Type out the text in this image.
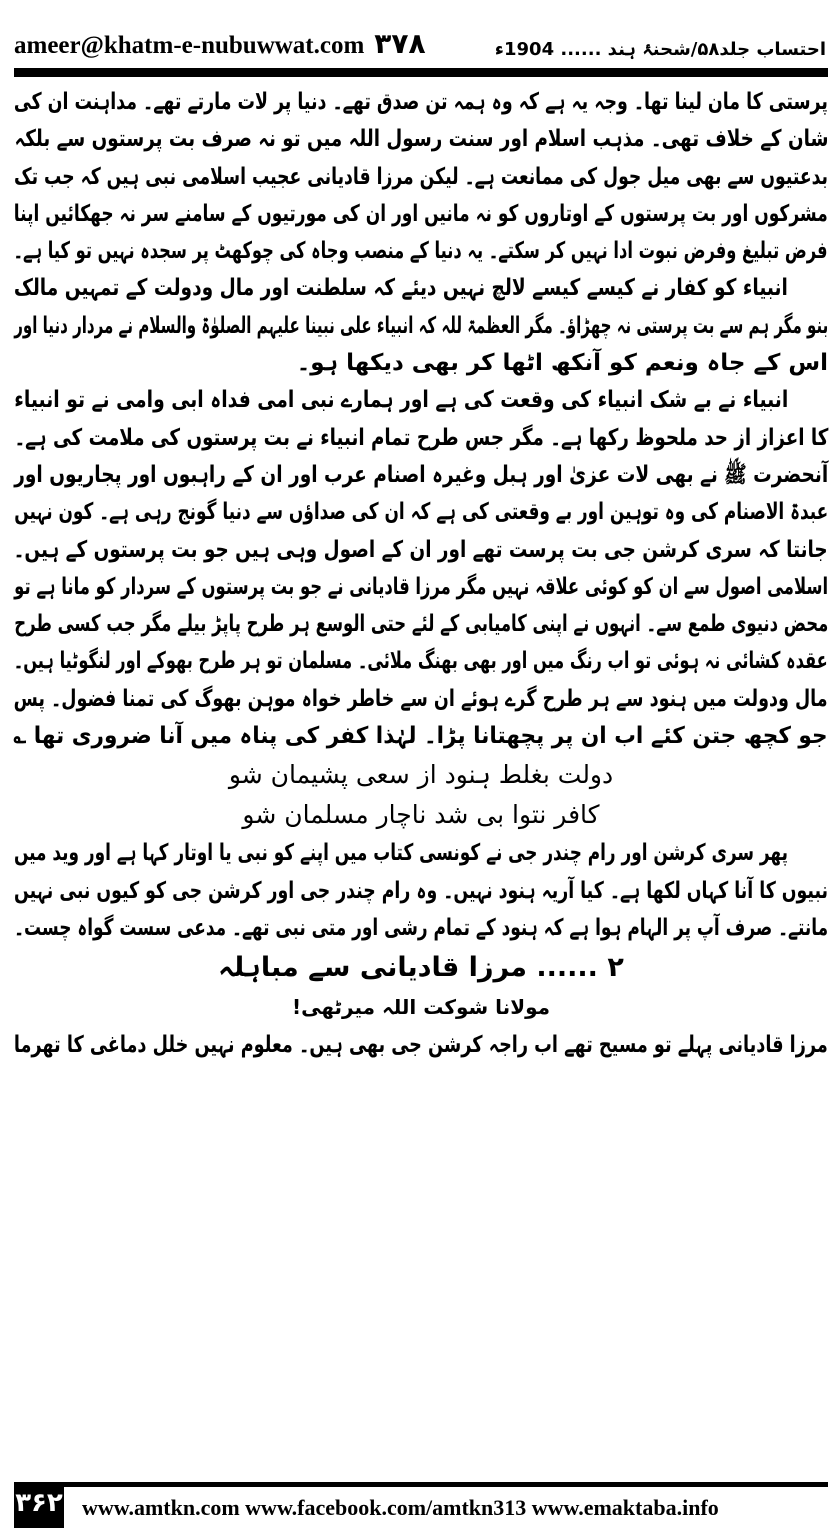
ameer@khatm-e-nubuwwat.com ۳۷۸	احتساب جلد۵۸/شحنۂ ہند ...... 1904ء
پرستی کا مان لینا تھا۔ وجہ یہ ہے کہ وہ ہمہ تن صدق تھے۔ دنیا پر لات مارتے تھے۔ مداہنت ان کی
شان کے خلاف تھی۔ مذہب اسلام اور سنت رسول اللہ میں تو نہ صرف بت پرستوں سے بلکہ
بدعتیوں سے بھی میل جول کی ممانعت ہے۔ لیکن مرزا قادیانی عجیب اسلامی نبی ہیں کہ جب تک
مشرکوں اور بت پرستوں کے اوتاروں کو نہ مانیں اور ان کی مورتیوں کے سامنے سر نہ جھکائیں اپنا
فرض تبلیغ وفرض نبوت ادا نہیں کر سکتے۔ یہ دنیا کے منصب وجاہ کی چوکھٹ پر سجدہ نہیں تو کیا ہے۔
انبیاء کو کفار نے کیسے کیسے لالچ نہیں دیئے کہ سلطنت اور مال ودولت کے تمہیں مالک
بنو مگر ہم سے بت پرستی نہ چھڑاؤ۔ مگر العظمۃ للہ کہ انبیاء علی نبینا علیہم الصلوٰۃ والسلام نے مردار دنیا اور
اس کے جاہ ونعم کو آنکھ اٹھا کر بھی دیکھا ہو۔
انبیاء نے بے شک انبیاء کی وقعت کی ہے اور ہمارے نبی امی فداہ ابی وامی نے تو انبیاء
کا اعزاز از حد ملحوظ رکھا ہے۔ مگر جس طرح تمام انبیاء نے بت پرستوں کی ملامت کی ہے۔
آنحضرت ﷺ نے بھی لات عزیٰ اور ہبل وغیرہ اصنام عرب اور ان کے راہبوں اور پجاریوں اور
عبدۃ الاصنام کی وہ توہین اور بے وقعتی کی ہے کہ ان کی صداؤں سے دنیا گونج رہی ہے۔ کون نہیں
جانتا کہ سری کرشن جی بت پرست تھے اور ان کے اصول وہی ہیں جو بت پرستوں کے ہیں۔
اسلامی اصول سے ان کو کوئی علاقہ نہیں مگر مرزا قادیانی نے جو بت پرستوں کے سردار کو مانا ہے تو
محض دنیوی طمع سے۔ انہوں نے اپنی کامیابی کے لئے حتی الوسع ہر طرح پاپڑ بیلے مگر جب کسی طرح
عقدہ کشائی نہ ہوئی تو اب رنگ میں اور بھی بھنگ ملائی۔ مسلمان تو ہر طرح بھوکے اور لنگوٹیا ہیں۔
مال ودولت میں ہنود سے ہر طرح گرے ہوئے ان سے خاطر خواہ موہن بھوگ کی تمنا فضول۔ پس
جو کچھ جتن کئے اب ان پر پچھتانا پڑا۔ لہٰذا کفر کی پناہ میں آنا ضروری تھا ؎
دولت بغلط ہنود از سعی پشیمان شو
کافر نتوا بی شد ناچار مسلمان شو
پھر سری کرشن اور رام چندر جی نے کونسی کتاب میں اپنے کو نبی یا اوتار کہا ہے اور وید میں
نبیوں کا آنا کہاں لکھا ہے۔ کیا آریہ ہنود نہیں۔ وہ رام چندر جی اور کرشن جی کو کیوں نبی نہیں
مانتے۔ صرف آپ پر الہام ہوا ہے کہ ہنود کے تمام رشی اور متی نبی تھے۔ مدعی سست گواہ چست۔
۲ ...... مرزا قادیانی سے مباہلہ
مولانا شوکت اللہ میرٹھی!
مرزا قادیانی پہلے تو مسیح تھے اب راجہ کرشن جی بھی ہیں۔ معلوم نہیں خلل دماغی کا تھرما
۳۶۲ www.amtkn.com www.facebook.com/amtkn313 www.emaktaba.info
